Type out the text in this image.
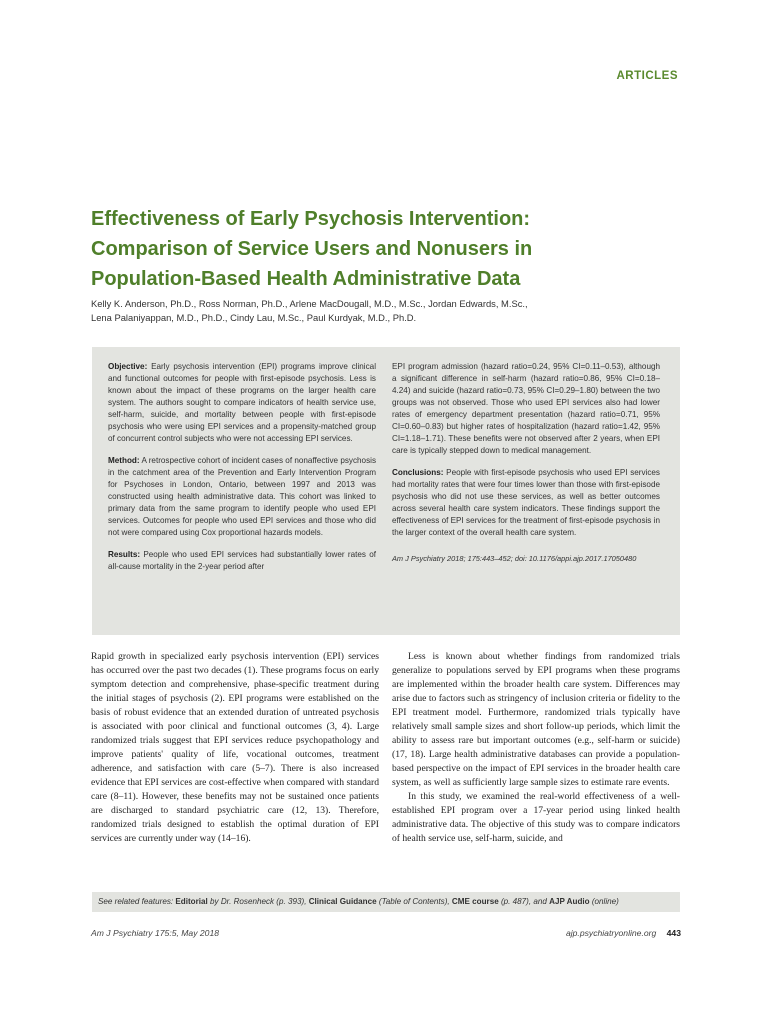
ARTICLES
Effectiveness of Early Psychosis Intervention:
Comparison of Service Users and Nonusers in
Population-Based Health Administrative Data
Kelly K. Anderson, Ph.D., Ross Norman, Ph.D., Arlene MacDougall, M.D., M.Sc., Jordan Edwards, M.Sc.,
Lena Palaniyappan, M.D., Ph.D., Cindy Lau, M.Sc., Paul Kurdyak, M.D., Ph.D.

Objective: Early psychosis intervention (EPI) programs improve clinical and functional outcomes for people with first-episode psychosis. Less is known about the impact of these programs on the larger health care system. The authors sought to compare indicators of health service use, self-harm, suicide, and mortality between people with first-episode psychosis who were using EPI services and a propensity-matched group of concurrent control subjects who were not accessing EPI services.

Method: A retrospective cohort of incident cases of nonaffective psychosis in the catchment area of the Prevention and Early Intervention Program for Psychoses in London, Ontario, between 1997 and 2013 was constructed using health administrative data. This cohort was linked to primary data from the same program to identify people who used EPI services. Outcomes for people who used EPI services and those who did not were compared using Cox proportional hazards models.

Results: People who used EPI services had substantially lower rates of all-cause mortality in the 2-year period after

EPI program admission (hazard ratio=0.24, 95% CI=0.11–0.53), although a significant difference in self-harm (hazard ratio=0.86, 95% CI=0.18–4.24) and suicide (hazard ratio=0.73, 95% CI=0.29–1.80) between the two groups was not observed. Those who used EPI services also had lower rates of emergency department presentation (hazard ratio=0.71, 95% CI=0.60–0.83) but higher rates of hospitalization (hazard ratio=1.42, 95% CI=1.18–1.71). These benefits were not observed after 2 years, when EPI care is typically stepped down to medical management.

Conclusions: People with first-episode psychosis who used EPI services had mortality rates that were four times lower than those with first-episode psychosis who did not use these services, as well as better outcomes across several health care system indicators. These findings support the effectiveness of EPI services for the treatment of first-episode psychosis in the larger context of the overall health care system.

Am J Psychiatry 2018; 175:443–452; doi: 10.1176/appi.ajp.2017.17050480

Rapid growth in specialized early psychosis intervention (EPI) services has occurred over the past two decades (1). These programs focus on early symptom detection and comprehensive, phase-specific treatment during the initial stages of psychosis (2). EPI programs were established on the basis of robust evidence that an extended duration of untreated psychosis is associated with poor clinical and functional outcomes (3, 4). Large randomized trials suggest that EPI services reduce psychopathology and improve patients' quality of life, vocational outcomes, treatment adherence, and satisfaction with care (5–7). There is also increased evidence that EPI services are cost-effective when compared with standard care (8–11). However, these benefits may not be sustained once patients are discharged to standard psychiatric care (12, 13). Therefore, randomized trials designed to establish the optimal duration of EPI services are currently under way (14–16).

Less is known about whether findings from randomized trials generalize to populations served by EPI programs when these programs are implemented within the broader health care system. Differences may arise due to factors such as stringency of inclusion criteria or fidelity to the EPI treatment model. Furthermore, randomized trials typically have relatively small sample sizes and short follow-up periods, which limit the ability to assess rare but important outcomes (e.g., self-harm or suicide) (17, 18). Large health administrative databases can provide a population-based perspective on the impact of EPI services in the broader health care system, as well as sufficiently large sample sizes to estimate rare events.

In this study, we examined the real-world effectiveness of a well-established EPI program over a 17-year period using linked health administrative data. The objective of this study was to compare indicators of health service use, self-harm, suicide, and

See related features: Editorial by Dr. Rosenheck (p. 393), Clinical Guidance (Table of Contents), CME course (p. 487), and AJP Audio (online)
Am J Psychiatry 175:5, May 2018	ajp.psychiatryonline.org 443
